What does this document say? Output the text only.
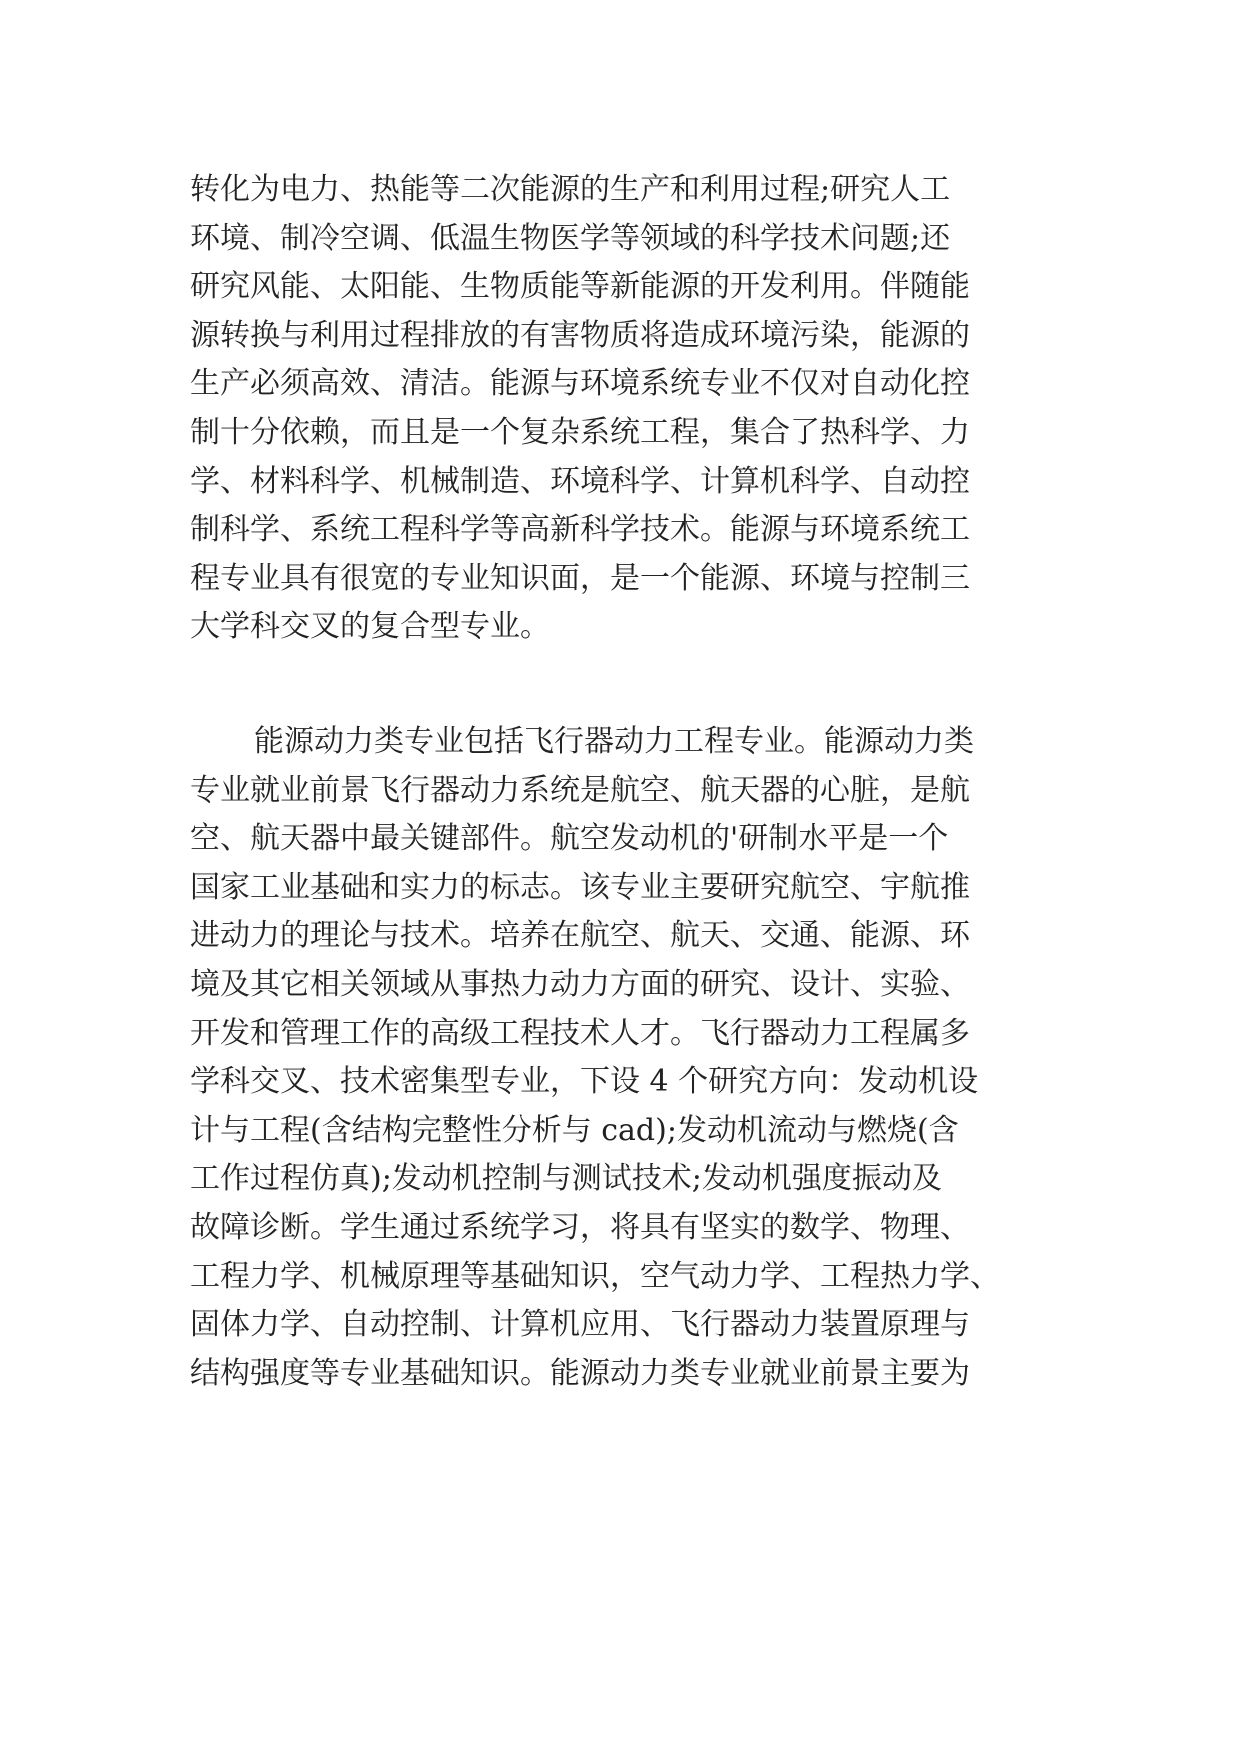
转化为电力、热能等二次能源的生产和利用过程;研究人工
环境、制冷空调、低温生物医学等领域的科学技术问题;还
研究风能、太阳能、生物质能等新能源的开发利用。伴随能
源转换与利用过程排放的有害物质将造成环境污染，能源的
生产必须高效、清洁。能源与环境系统专业不仅对自动化控
制十分依赖，而且是一个复杂系统工程，集合了热科学、力
学、材料科学、机械制造、环境科学、计算机科学、自动控
制科学、系统工程科学等高新科学技术。能源与环境系统工
程专业具有很宽的专业知识面，是一个能源、环境与控制三
大学科交叉的复合型专业。
能源动力类专业包括飞行器动力工程专业。能源动力类
专业就业前景飞行器动力系统是航空、航天器的心脏，是航
空、航天器中最关键部件。航空发动机的'研制水平是一个
国家工业基础和实力的标志。该专业主要研究航空、宇航推
进动力的理论与技术。培养在航空、航天、交通、能源、环
境及其它相关领域从事热力动力方面的研究、设计、实验、
开发和管理工作的高级工程技术人才。飞行器动力工程属多
学科交叉、技术密集型专业，下设 4 个研究方向：发动机设
计与工程(含结构完整性分析与 cad);发动机流动与燃烧(含
工作过程仿真);发动机控制与测试技术;发动机强度振动及
故障诊断。学生通过系统学习，将具有坚实的数学、物理、
工程力学、机械原理等基础知识，空气动力学、工程热力学、
固体力学、自动控制、计算机应用、飞行器动力装置原理与
结构强度等专业基础知识。能源动力类专业就业前景主要为
